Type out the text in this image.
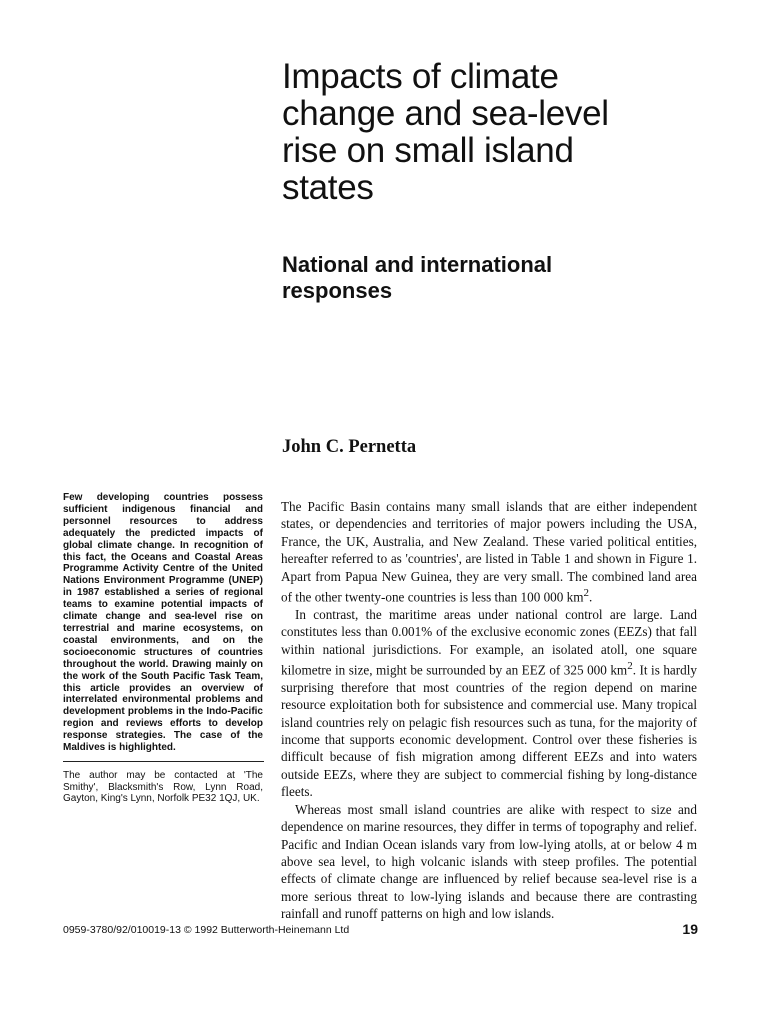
Impacts of climate
change and sea-level
rise on small island
states
National and international
responses
John C. Pernetta

Few developing countries possess sufficient indigenous financial and personnel resources to address adequately the predicted impacts of global climate change. In recognition of this fact, the Oceans and Coastal Areas Programme Activity Centre of the United Nations Environment Programme (UNEP) in 1987 established a series of regional teams to examine potential impacts of climate change and sea-level rise on terrestrial and marine ecosystems, on coastal environments, and on the socioeconomic structures of countries throughout the world. Drawing mainly on the work of the South Pacific Task Team, this article provides an overview of interrelated environmental problems and development problems in the Indo-Pacific region and reviews efforts to develop response strategies. The case of the Maldives is highlighted.

The author may be contacted at 'The Smithy', Blacksmith's Row, Lynn Road, Gayton, King's Lynn, Norfolk PE32 1QJ, UK.

The Pacific Basin contains many small islands that are either independent states, or dependencies and territories of major powers including the USA, France, the UK, Australia, and New Zealand. These varied political entities, hereafter referred to as 'countries', are listed in Table 1 and shown in Figure 1. Apart from Papua New Guinea, they are very small. The combined land area of the other twenty-one countries is less than 100 000 $km^2$.

In contrast, the maritime areas under national control are large. Land constitutes less than 0.001% of the exclusive economic zones (EEZs) that fall within national jurisdictions. For example, an isolated atoll, one square kilometre in size, might be surrounded by an EEZ of 325 000 $km^2$. It is hardly surprising therefore that most countries of the region depend on marine resource exploitation both for subsistence and commercial use. Many tropical island countries rely on pelagic fish resources such as tuna, for the majority of income that supports economic development. Control over these fisheries is difficult because of fish migration among different EEZs and into waters outside EEZs, where they are subject to commercial fishing by long-distance fleets.

Whereas most small island countries are alike with respect to size and dependence on marine resources, they differ in terms of topography and relief. Pacific and Indian Ocean islands vary from low-lying atolls, at or below 4 m above sea level, to high volcanic islands with steep profiles. The potential effects of climate change are influenced by relief because sea-level rise is a more serious threat to low-lying islands and because there are contrasting rainfall and runoff patterns on high and low islands.

0959-3780/92/010019-13 © 1992 Butterworth-Heinemann Ltd	19
